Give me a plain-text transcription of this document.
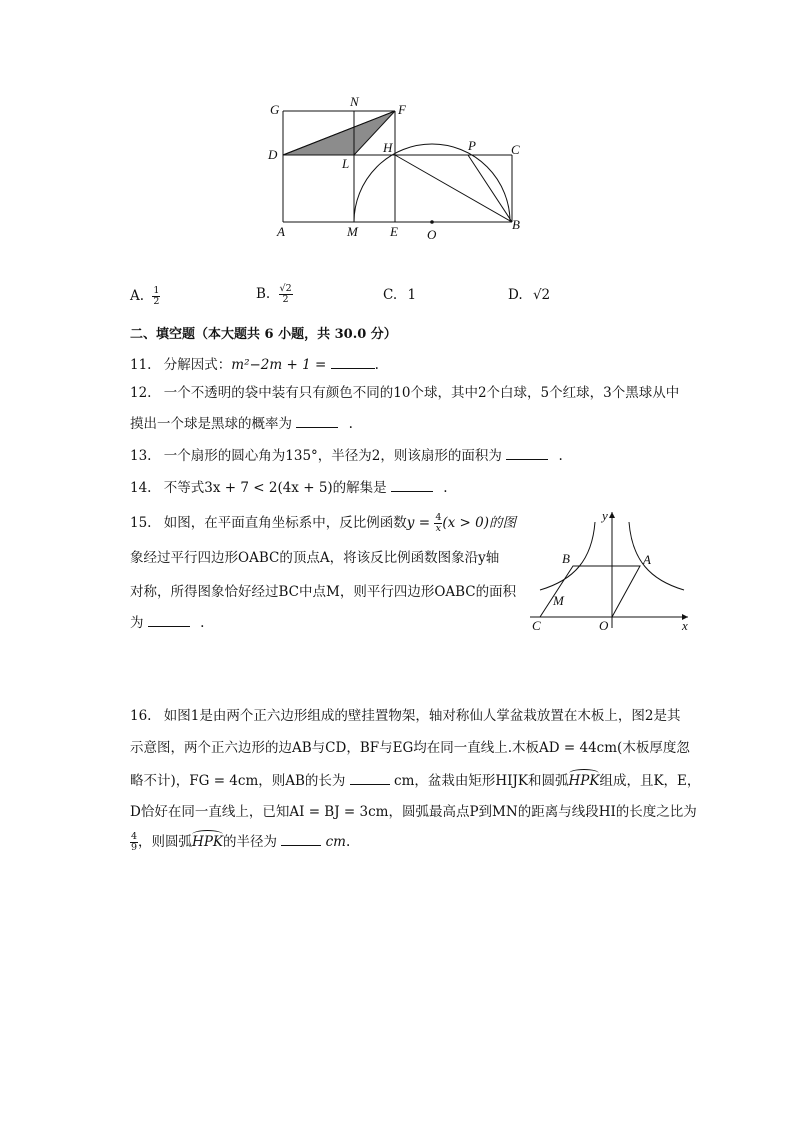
G
N
F
D
L
H	P	C
A	M E O
B
A. $\frac{1}{2}$	B. $\frac{√2}{2}$	C. 1	D. √2
二、填空题（本大题共 6 小题，共 30.0 分）
11. 分解因式：m²−2m + 1 =	.
12. 一个不透明的袋中装有只有颜色不同的10个球，其中2个白球，5个红球，3个黑球从中
摸出一个球是黑球的概率为	.
13. 一个扇形的圆心角为135°，半径为2，则该扇形的面积为	.
14. 不等式3x + 7 < 2(4x + 5)的解集是	.
15. 如图，在平面直角坐标系中，反比例函数$y = \frac{4}{x} (x > 0)$的图
象经过平行四边形OABC的顶点A，将该反比例函数图象沿y轴
对称，所得图象恰好经过BC中点M，则平行四边形OABC的面积
为	.
y
x
B	A
M
C	O
16. 如图1是由两个正六边形组成的壁挂置物架，轴对称仙人掌盆栽放置在木板上，图2是其
示意图，两个正六边形的边AB与CD，BF与EG均在同一直线上.木板AD = 44cm(木板厚度忽
略不计)，FG = 4cm，则AB的长为	cm，盆栽由矩形HIJK和圆弧HPK组成，且K，E，
D恰好在同一直线上，已知AI = BJ = 3cm，圆弧最高点P到MN的距离与线段HI的长度之比为
$\frac{4}{9}$ ，则圆弧HPK的半径为	cm.
